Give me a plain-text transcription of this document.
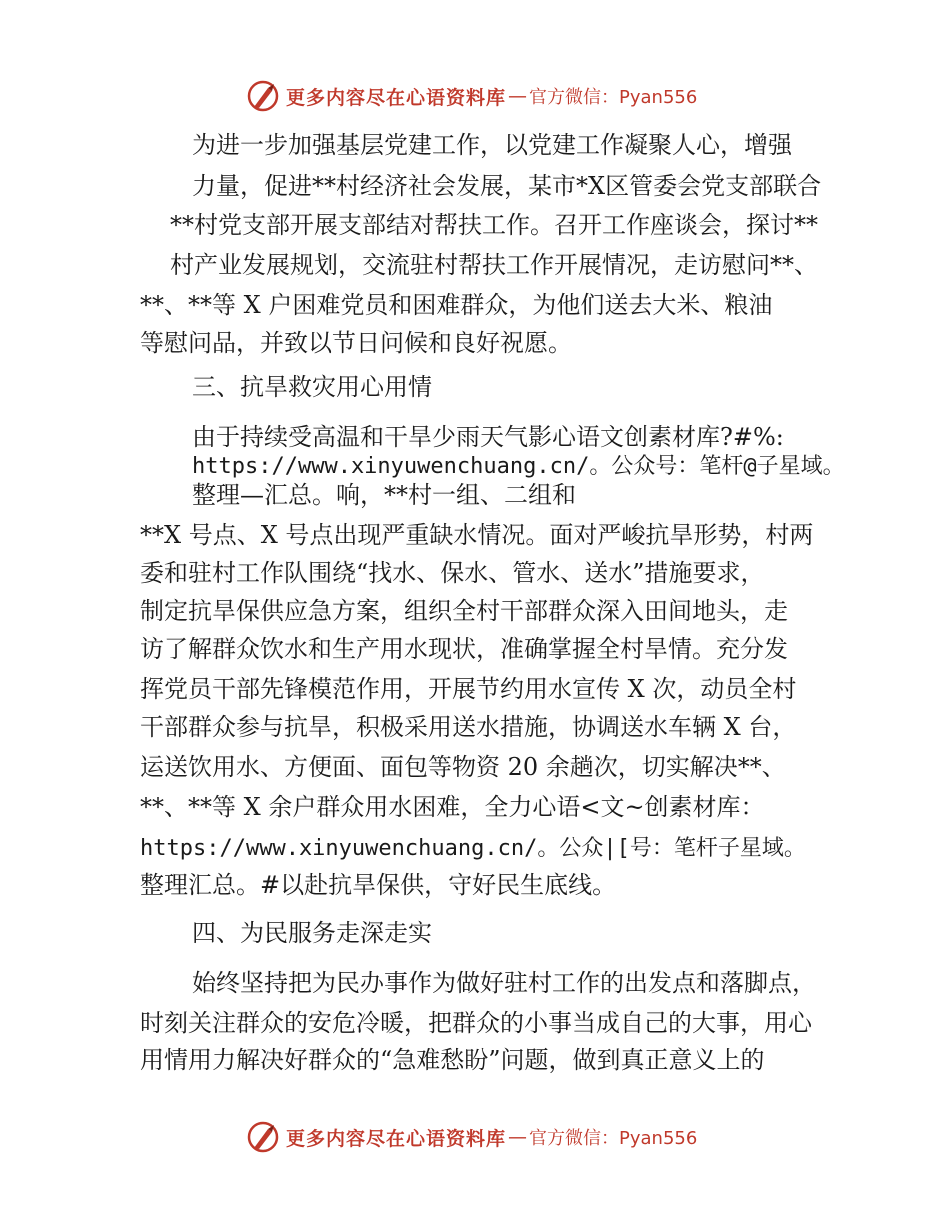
更多内容尽在心语资料库 — 官方微信：Pyan556
为进一步加强基层党建工作，以党建工作凝聚人心，增强
力量，促进**村经济社会发展，某市*X区管委会党支部联合
**村党支部开展支部结对帮扶工作。召开工作座谈会，探讨**
村产业发展规划，交流驻村帮扶工作开展情况，走访慰问**、
**、**等 X 户困难党员和困难群众，为他们送去大米、粮油
等慰问品，并致以节日问候和良好祝愿。
三、抗旱救灾用心用情
由于持续受高温和干旱少雨天气影心语文创素材库?#%:
https://www.xinyuwenchuang.cn/。公众号：笔杆@子星域。
整理—汇总。响，**村一组、二组和
**X 号点、X 号点出现严重缺水情况。面对严峻抗旱形势，村两
委和驻村工作队围绕“找水、保水、管水、送水”措施要求，
制定抗旱保供应急方案，组织全村干部群众深入田间地头，走
访了解群众饮水和生产用水现状，准确掌握全村旱情。充分发
挥党员干部先锋模范作用，开展节约用水宣传 X 次，动员全村
干部群众参与抗旱，积极采用送水措施，协调送水车辆 X 台，
运送饮用水、方便面、面包等物资 20 余趟次，切实解决**、
**、**等 X 余户群众用水困难，全力心语<文~创素材库：
https://www.xinyuwenchuang.cn/。公众|[号：笔杆子星域。
整理汇总。#以赴抗旱保供，守好民生底线。
四、为民服务走深走实
始终坚持把为民办事作为做好驻村工作的出发点和落脚点，
时刻关注群众的安危冷暖，把群众的小事当成自己的大事，用心
用情用力解决好群众的“急难愁盼”问题，做到真正意义上的
更多内容尽在心语资料库 — 官方微信：Pyan556
